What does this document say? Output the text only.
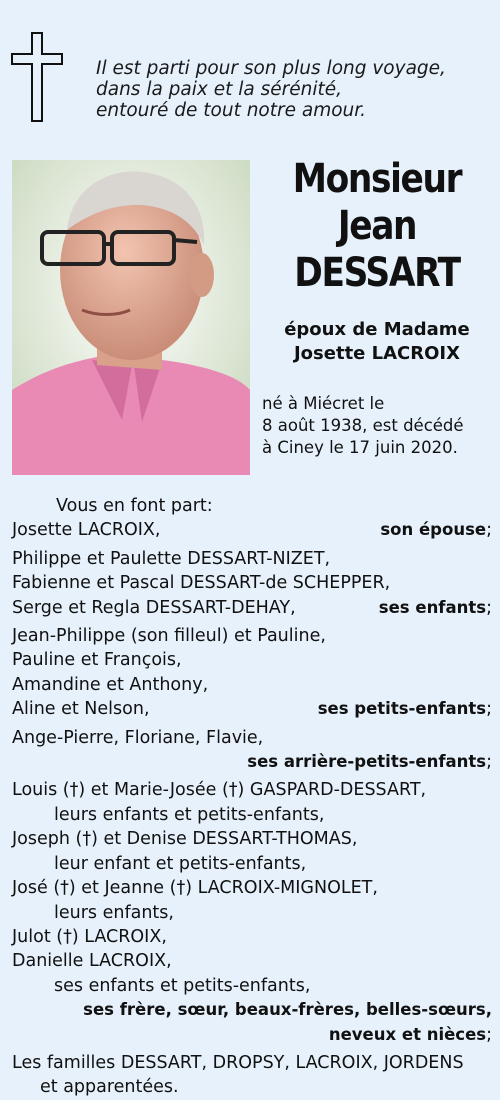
Il est parti pour son plus long voyage,
dans la paix et la sérénité,
entouré de tout notre amour.
Monsieur
Jean
DESSART
époux de Madame
Josette LACROIX
né à Miécret le
8 août 1938, est décédé
à Ciney le 17 juin 2020.
Vous en font part:
Josette LACROIX,	son épouse;
Philippe et Paulette DESSART-NIZET,
Fabienne et Pascal DESSART-de SCHEPPER,
Serge et Regla DESSART-DEHAY,	ses enfants;
Jean-Philippe (son filleul) et Pauline,
Pauline et François,
Amandine et Anthony,
Aline et Nelson,	ses petits-enfants;
Ange-Pierre, Floriane, Flavie,
ses arrière-petits-enfants;
Louis (†) et Marie-Josée (†) GASPARD-DESSART,
leurs enfants et petits-enfants,
Joseph (†) et Denise DESSART-THOMAS,
leur enfant et petits-enfants,
José (†) et Jeanne (†) LACROIX-MIGNOLET,
leurs enfants,
Julot (†) LACROIX,
Danielle LACROIX,
ses enfants et petits-enfants,
ses frère, sœur, beaux-frères, belles-sœurs,
neveux et nièces;
Les familles DESSART, DROPSY, LACROIX, JORDENS
et apparentées.
